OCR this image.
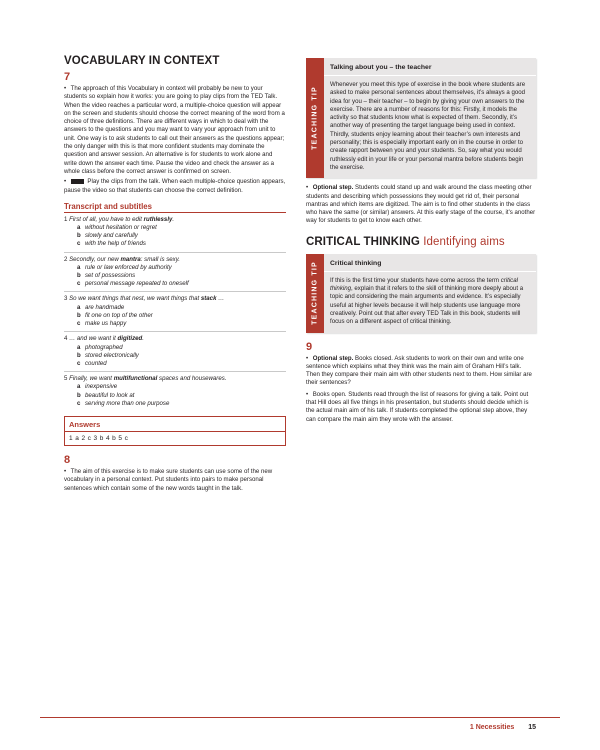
VOCABULARY IN CONTEXT
7
• The approach of this Vocabulary in context will probably be new to your students so explain how it works: you are going to play clips from the TED Talk. When the video reaches a particular word, a multiple-choice question will appear on the screen and students should choose the correct meaning of the word from a choice of three definitions. There are different ways in which to deal with the answers to the questions and you may want to vary your approach from unit to unit. One way is to ask students to call out their answers as the questions appear; the only danger with this is that more confident students may dominate the question and answer session. An alternative is for students to work alone and write down the answer each time. Pause the video and check the answer as a whole class before the correct answer is confirmed on screen.
•  Play the clips from the talk. When each multiple-choice question appears, pause the video so that students can choose the correct definition.
Transcript and subtitles
1 First of all, you have to edit ruthlessly.
a without hesitation or regret
b slowly and carefully
c with the help of friends
2 Secondly, our new mantra: small is sexy.
a rule or law enforced by authority
b set of possessions
c personal message repeated to oneself
3 So we want things that nest, we want things that stack …
a are handmade
b fit one on top of the other
c make us happy
4 … and we want it digitized.
a photographed
b stored electronically
c counted
5 Finally, we want multifunctional spaces and housewares.
a inexpensive
b beautiful to look at
c serving more than one purpose
Answers
1 a 2 c 3 b 4 b 5 c
8
• The aim of this exercise is to make sure students can use some of the new vocabulary in a personal context. Put students into pairs to make personal sentences which contain some of the new words taught in the talk.
TEACHING TIP
Talking about you – the teacher
Whenever you meet this type of exercise in the book where students are asked to make personal sentences about themselves, it’s always a good idea for you – their teacher – to begin by giving your own answers to the exercise. There are a number of reasons for this: Firstly, it models the activity so that students know what is expected of them. Secondly, it’s another way of presenting the target language being used in context. Thirdly, students enjoy learning about their teacher’s own interests and personality; this is especially important early on in the course in order to create rapport between you and your students. So, say what you would ruthlessly edit in your life or your personal mantra before students begin the exercise.
• Optional step. Students could stand up and walk around the class meeting other students and describing which possessions they would get rid of, their personal mantras and which items are digitized. The aim is to find other students in the class who have the same (or similar) answers. At this early stage of the course, it’s another way for students to get to know each other.
CRITICAL THINKING Identifying aims
TEACHING TIP	Critical thinking
If this is the first time your students have come across the term critical thinking, explain that it refers to the skill of thinking more deeply about a topic and considering the main arguments and evidence. It’s especially useful at higher levels because it will help students use language more creatively. Point out that after every TED Talk in this book, students will focus on a different aspect of critical thinking.
9
• Optional step. Books closed. Ask students to work on their own and write one sentence which explains what they think was the main aim of Graham Hill’s talk. Then they compare their main aim with other students next to them. How similar are their sentences?
• Books open. Students read through the list of reasons for giving a talk. Point out that Hill does all five things in his presentation, but students should decide which is the actual main aim of his talk. If students completed the optional step above, they can compare the main aim they wrote with the answer.
1 Necessities 15
